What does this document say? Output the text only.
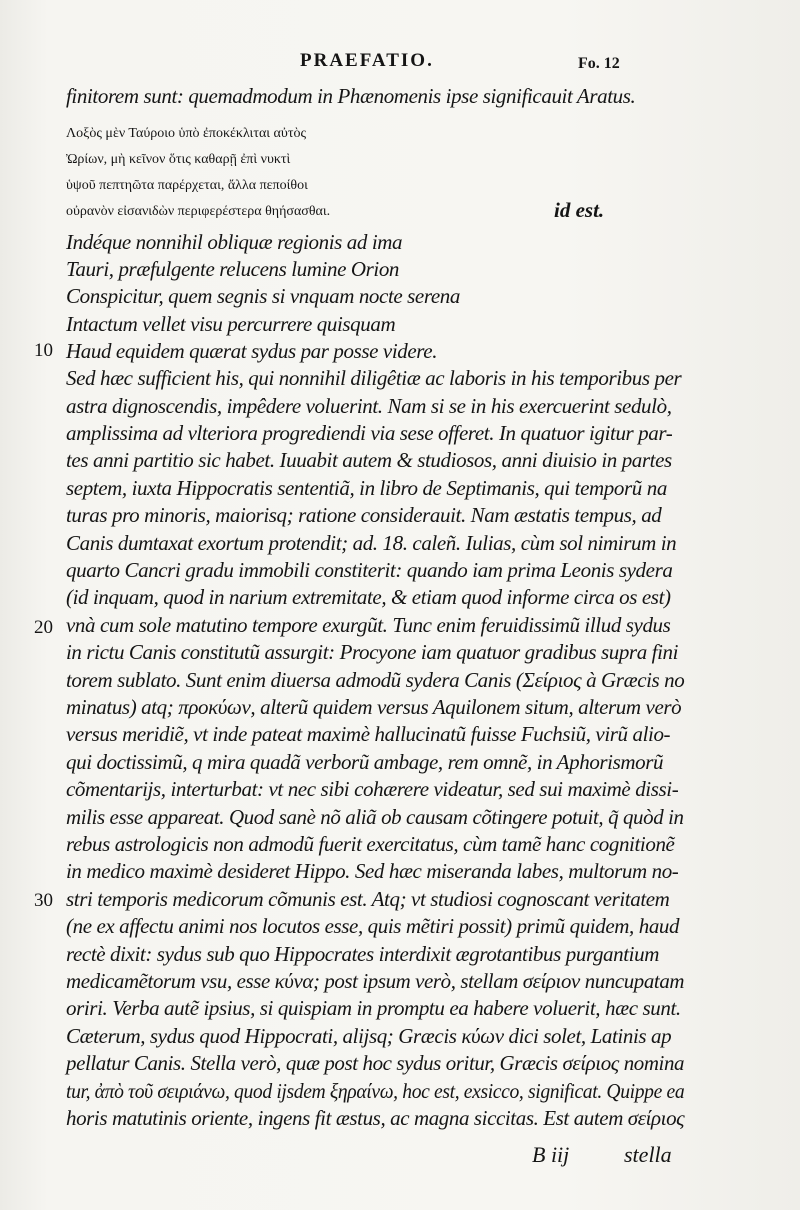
PRAEFATIO.	Fo. 12
finitorem sunt: quemadmodum in Phænomenis ipse significauit Aratus.
Λοξὸς μὲν Ταύροιο ὑπὸ ἐποκέκλιται αὐτὸς
Ὠρίων, μὴ κεῖνον ὅτις καθαρῇ ἐπὶ νυκτὶ
ὑψοῦ πεπτηῶτα παρέρχεται, ἄλλα πεποίθοι
οὐρανὸν εἰσανιδὼν περιφερέστερα θηήσασθαι.	id est.
Indéque nonnihil obliquæ regionis ad ima
Tauri, præfulgente relucens lumine Orion
Conspicitur, quem segnis si vnquam nocte serena
Intactum vellet visu percurrere quisquam
Haud equidem quærat sydus par posse videre.
Sed hæc sufficient his, qui nonnihil diligêtiæ ac laboris in his temporibus per
astra dignoscendis, impêdere voluerint. Nam si se in his exercuerint sedulò,
amplissima ad vlteriora progrediendi via sese offeret. In quatuor igitur par-
tes anni partitio sic habet. Iuuabit autem & studiosos, anni diuisio in partes
septem, iuxta Hippocratis sententiã, in libro de Septimanis, qui temporũ na
turas pro minoris, maiorisq; ratione considerauit. Nam æstatis tempus, ad
Canis dumtaxat exortum protendit; ad. 18. caleñ. Iulias, cùm sol nimirum in
quarto Cancri gradu immobili constiterit: quando iam prima Leonis sydera
(id inquam, quod in narium extremitate, & etiam quod informe circa os est)
vnà cum sole matutino tempore exurgũt. Tunc enim feruidissimũ illud sydus
in rictu Canis constitutũ assurgit: Procyone iam quatuor gradibus supra fini
torem sublato. Sunt enim diuersa admodũ sydera Canis (Σείριος à Græcis no
minatus) atq; προκύων, alterũ quidem versus Aquilonem situm, alterum verò
versus meridiẽ, vt inde pateat maximè hallucinatũ fuisse Fuchsiũ, virũ alio-
qui doctissimũ, q mira quadã verborũ ambage, rem omnẽ, in Aphorismorũ
cõmentarijs, interturbat: vt nec sibi cohærere videatur, sed sui maximè dissi-
milis esse appareat. Quod sanè nõ aliã ob causam cõtingere potuit, q̃ quòd in
rebus astrologicis non admodũ fuerit exercitatus, cùm tamẽ hanc cognitionẽ
in medico maximè desideret Hippo. Sed hæc miseranda labes, multorum no-
stri temporis medicorum cõmunis est. Atq; vt studiosi cognoscant veritatem
(ne ex affectu animi nos locutos esse, quis mẽtiri possit) primũ quidem, haud
rectè dixit: sydus sub quo Hippocrates interdixit ægrotantibus purgantium
medicamẽtorum vsu, esse κύνα; post ipsum verò, stellam σείριον nuncupatam
oriri. Verba autẽ ipsius, si quispiam in promptu ea habere voluerit, hæc sunt.
Cæterum, sydus quod Hippocrati, alijsq; Græcis κύων dici solet, Latinis ap
pellatur Canis. Stella verò, quæ post hoc sydus oritur, Græcis σείριος nomina
tur, ἀπὸ τοῦ σειριάνω, quod ijsdem ξηραίνω, hoc est, exsicco, significat. Quippe ea
horis matutinis oriente, ingens fit æstus, ac magna siccitas. Est autem σείριος
10
20
30
B iij stella
